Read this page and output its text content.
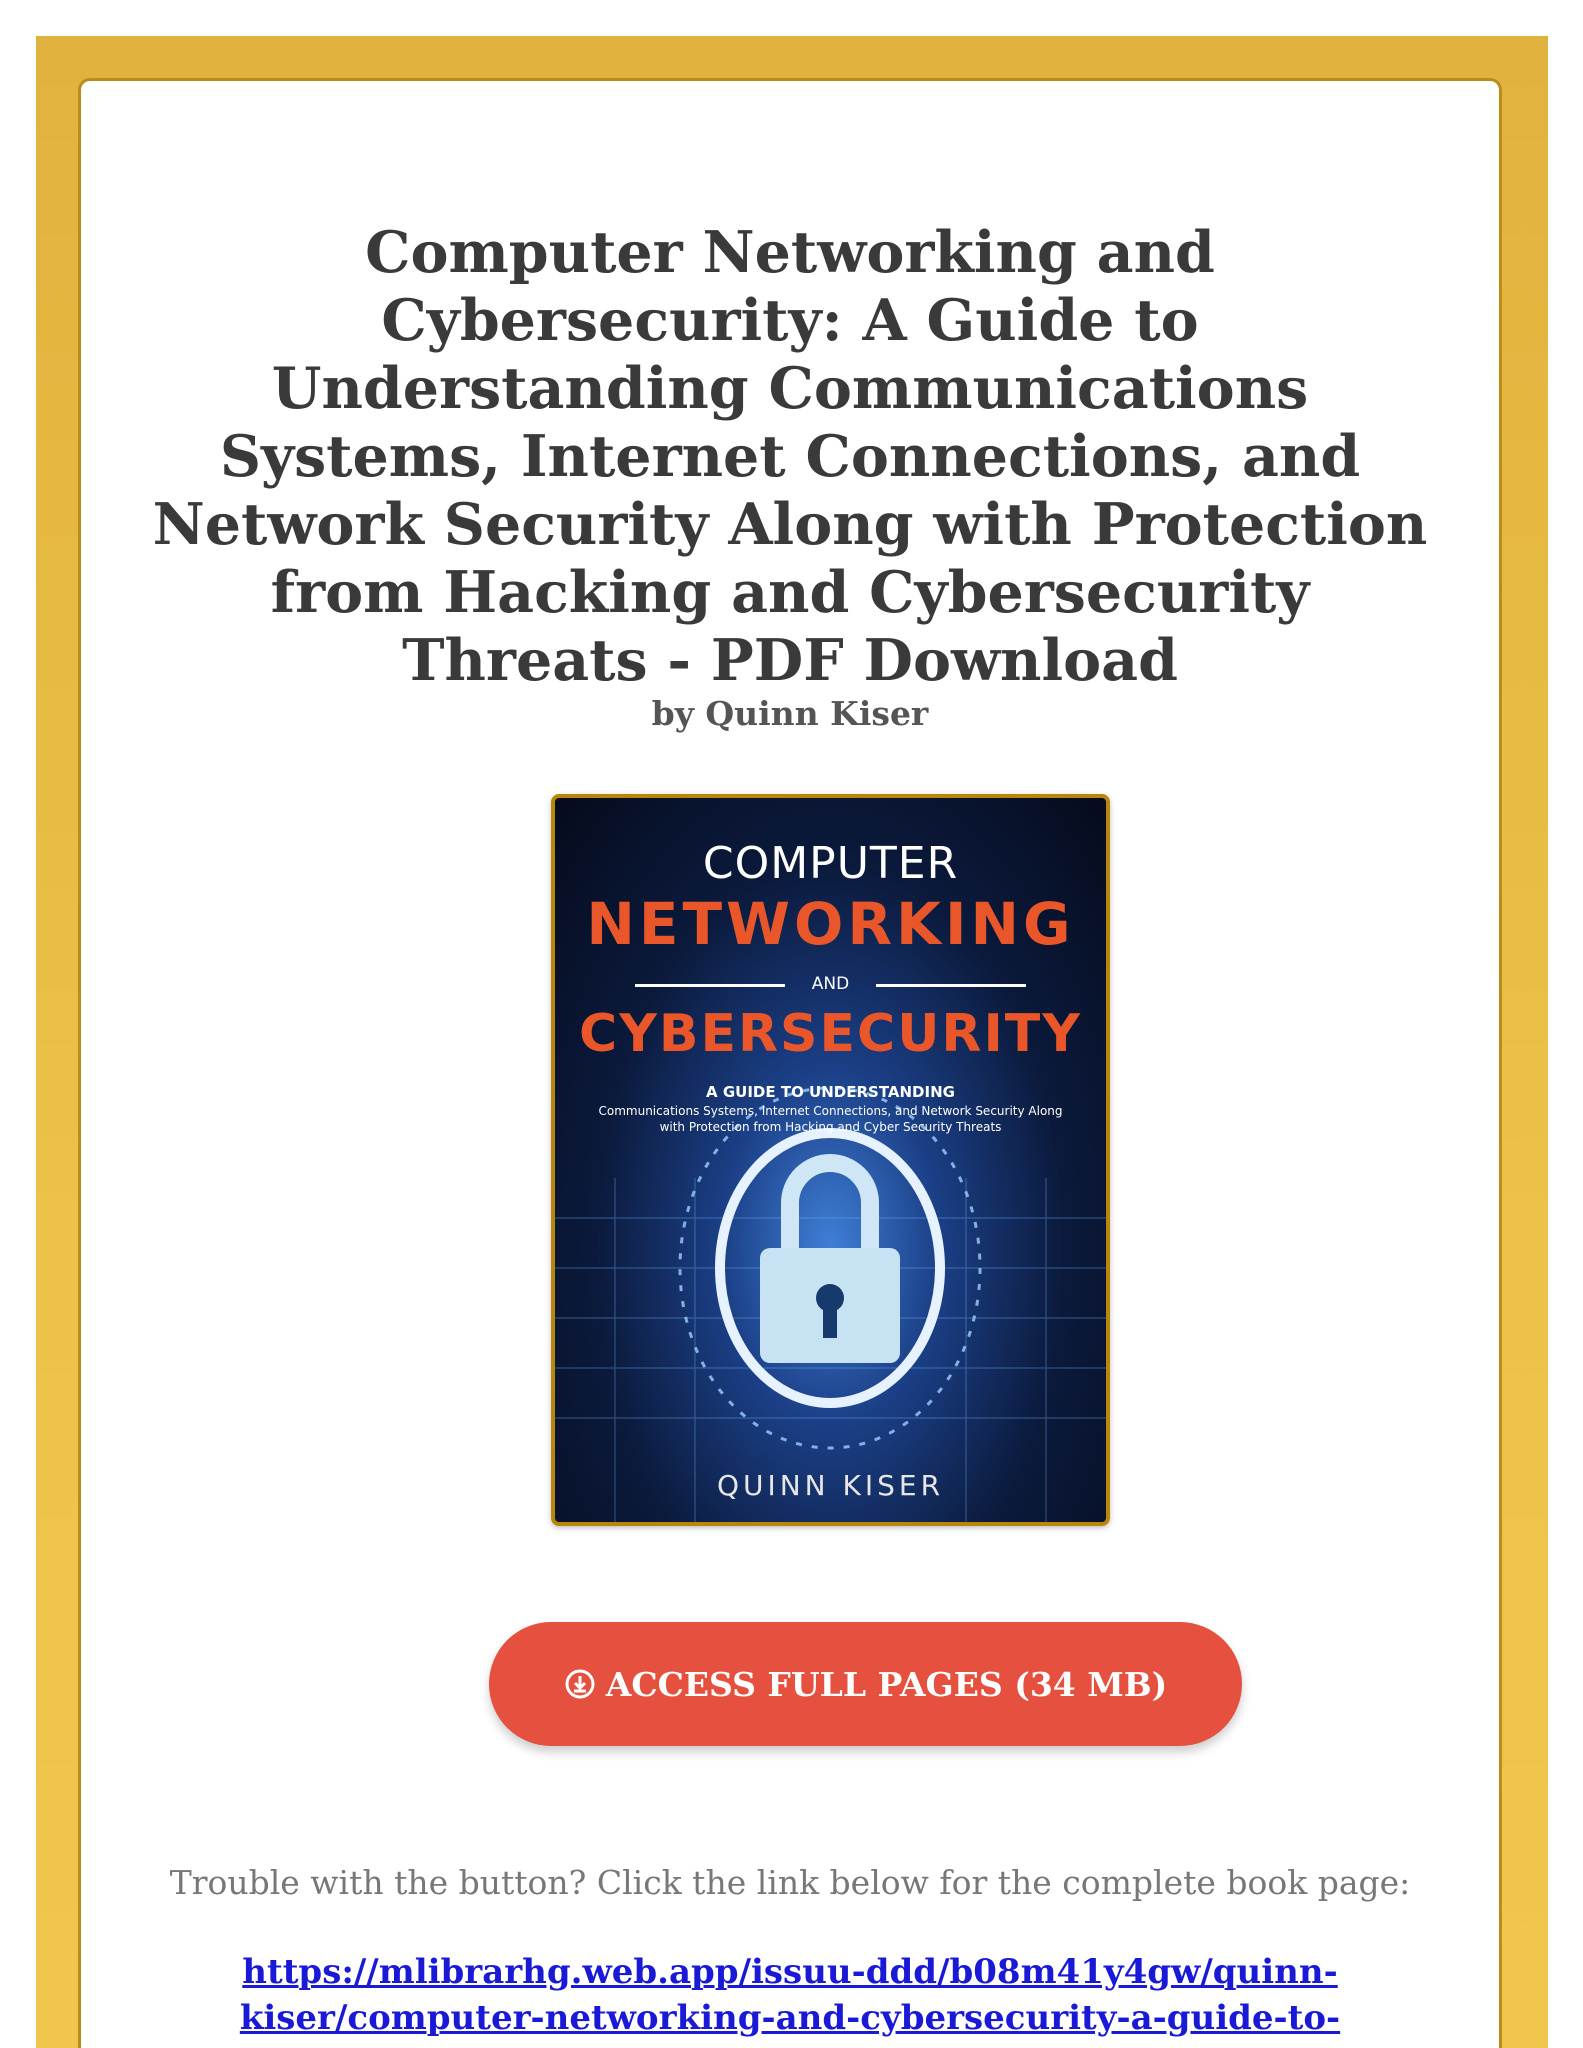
Computer Networking and Cybersecurity: A Guide to Understanding Communications Systems, Internet Connections, and Network Security Along with Protection from Hacking and Cybersecurity Threats - PDF Download
by Quinn Kiser
COMPUTER
NETWORKING
AND
CYBERSECURITY
A GUIDE TO UNDERSTANDING
Communications Systems, Internet Connections, and Network Security Along with Protection from Hacking and Cyber Security Threats
QUINN KISER
ACCESS FULL PAGES (34 MB)
Trouble with the button? Click the link below for the complete book page:
https://mlibrarhg.web.app/issuu-ddd/b08m41y4gw/quinn-kiser/computer-networking-and-cybersecurity-a-guide-to-
